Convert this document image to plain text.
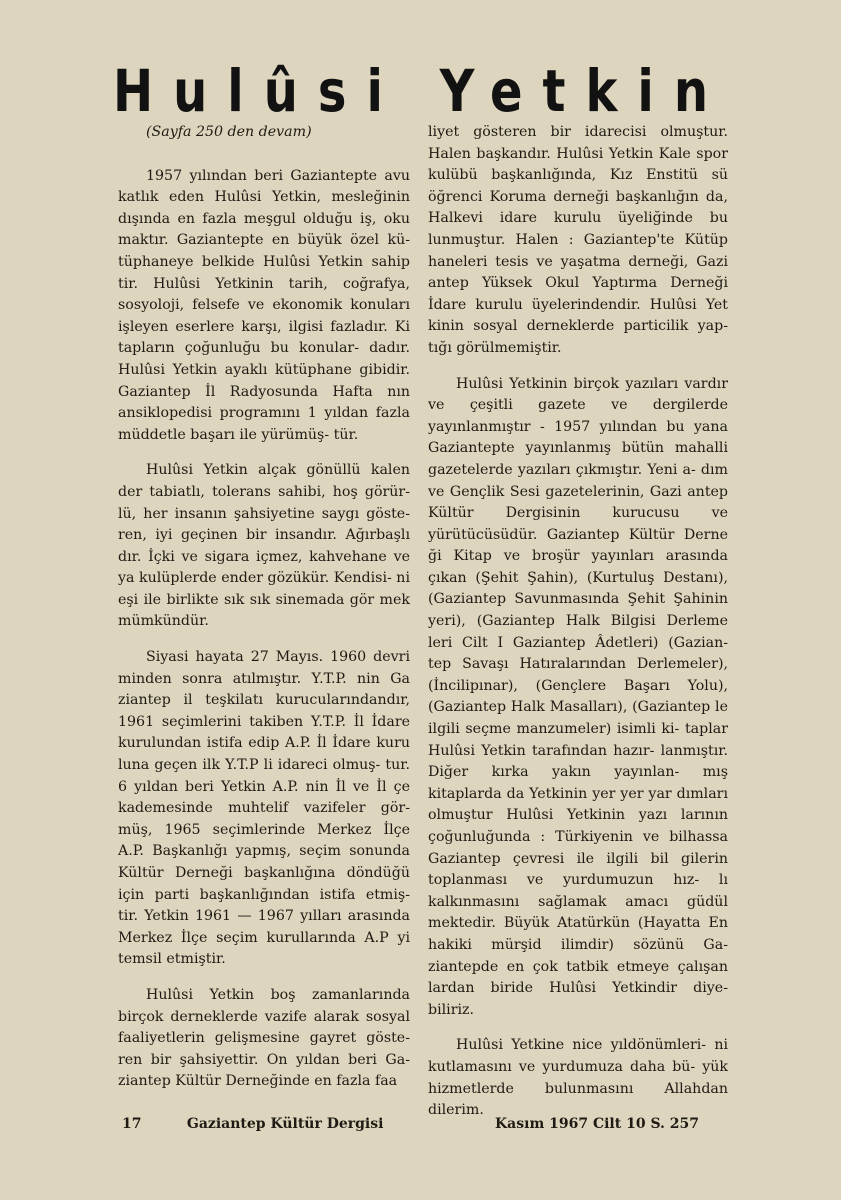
Hulûsi Yetkin

(Sayfa 250 den devam)

1957 yılından beri Gaziantepte avu katlık eden Hulûsi Yetkin, mesleğinin dışında en fazla meşgul olduğu iş, oku maktır. Gaziantepte en büyük özel kü- tüphaneye belkide Hulûsi Yetkin sahip tir. Hulûsi Yetkinin tarih, coğrafya, sosyoloji, felsefe ve ekonomik konuları işleyen eserlere karşı, ilgisi fazladır. Ki tapların çoğunluğu bu konular- dadır. Hulûsi Yetkin ayaklı kütüphane gibidir. Gaziantep İl Radyosunda Hafta nın ansiklopedisi programını 1 yıldan fazla müddetle başarı ile yürümüş- tür.

Hulûsi Yetkin alçak gönüllü kalen der tabiatlı, tolerans sahibi, hoş görür- lü, her insanın şahsiyetine saygı göste- ren, iyi geçinen bir insandır. Ağırbaşlı dır. İçki ve sigara içmez, kahvehane ve ya kulüplerde ender gözükür. Kendisi- ni eşi ile birlikte sık sık sinemada gör mek mümkündür.

Siyasi hayata 27 Mayıs. 1960 devri minden sonra atılmıştır. Y.T.P. nin Ga ziantep il teşkilatı kurucularındandır, 1961 seçimlerini takiben Y.T.P. İl İdare kurulundan istifa edip A.P. İl İdare kuru luna geçen ilk Y.T.P li idareci olmuş- tur. 6 yıldan beri Yetkin A.P. nin İl ve İl çe kademesinde muhtelif vazifeler gör- müş, 1965 seçimlerinde Merkez İlçe A.P. Başkanlığı yapmış, seçim sonunda Kültür Derneği başkanlığına döndüğü için parti başkanlığından istifa etmiş- tir. Yetkin 1961 — 1967 yılları arasında Merkez İlçe seçim kurullarında A.P yi temsil etmiştir.

Hulûsi Yetkin boş zamanlarında birçok derneklerde vazife alarak sosyal faaliyetlerin gelişmesine gayret göste- ren bir şahsiyettir. On yıldan beri Ga- ziantep Kültür Derneğinde en fazla faa

liyet gösteren bir idarecisi olmuştur. Halen başkandır. Hulûsi Yetkin Kale spor kulübü başkanlığında, Kız Enstitü sü öğrenci Koruma derneği başkanlığın da, Halkevi idare kurulu üyeliğinde bu lunmuştur. Halen : Gaziantep'te Kütüp haneleri tesis ve yaşatma derneği, Gazi antep Yüksek Okul Yaptırma Derneği İdare kurulu üyelerindendir. Hulûsi Yet kinin sosyal derneklerde particilik yap- tığı görülmemiştir.

Hulûsi Yetkinin birçok yazıları vardır ve çeşitli gazete ve dergilerde yayınlanmıştır - 1957 yılından bu yana Gaziantepte yayınlanmış bütün mahalli gazetelerde yazıları çıkmıştır. Yeni a- dım ve Gençlik Sesi gazetelerinin, Gazi antep Kültür Dergisinin kurucusu ve yürütücüsüdür. Gaziantep Kültür Derne ği Kitap ve broşür yayınları arasında çıkan (Şehit Şahin), (Kurtuluş Destanı), (Gaziantep Savunmasında Şehit Şahinin yeri), (Gaziantep Halk Bilgisi Derleme leri Cilt I Gaziantep Âdetleri) (Gazian- tep Savaşı Hatıralarından Derlemeler), (İncilipınar), (Gençlere Başarı Yolu), (Gaziantep Halk Masalları), (Gaziantep le ilgili seçme manzumeler) isimli ki- taplar Hulûsi Yetkin tarafından hazır- lanmıştır. Diğer kırka yakın yayınlan- mış kitaplarda da Yetkinin yer yer yar dımları olmuştur Hulûsi Yetkinin yazı larının çoğunluğunda : Türkiyenin ve bilhassa Gaziantep çevresi ile ilgili bil gilerin toplanması ve yurdumuzun hız- lı kalkınmasını sağlamak amacı güdül mektedir. Büyük Atatürkün (Hayatta En hakiki mürşid ilimdir) sözünü Ga- ziantepde en çok tatbik etmeye çalışan lardan biride Hulûsi Yetkindir diye- biliriz.

Hulûsi Yetkine nice yıldönümleri- ni kutlamasını ve yurdumuza daha bü- yük hizmetlerde bulunmasını Allahdan dilerim.

17	Gaziantep Kültür Dergisi	Kasım 1967 Cilt 10 S. 257
